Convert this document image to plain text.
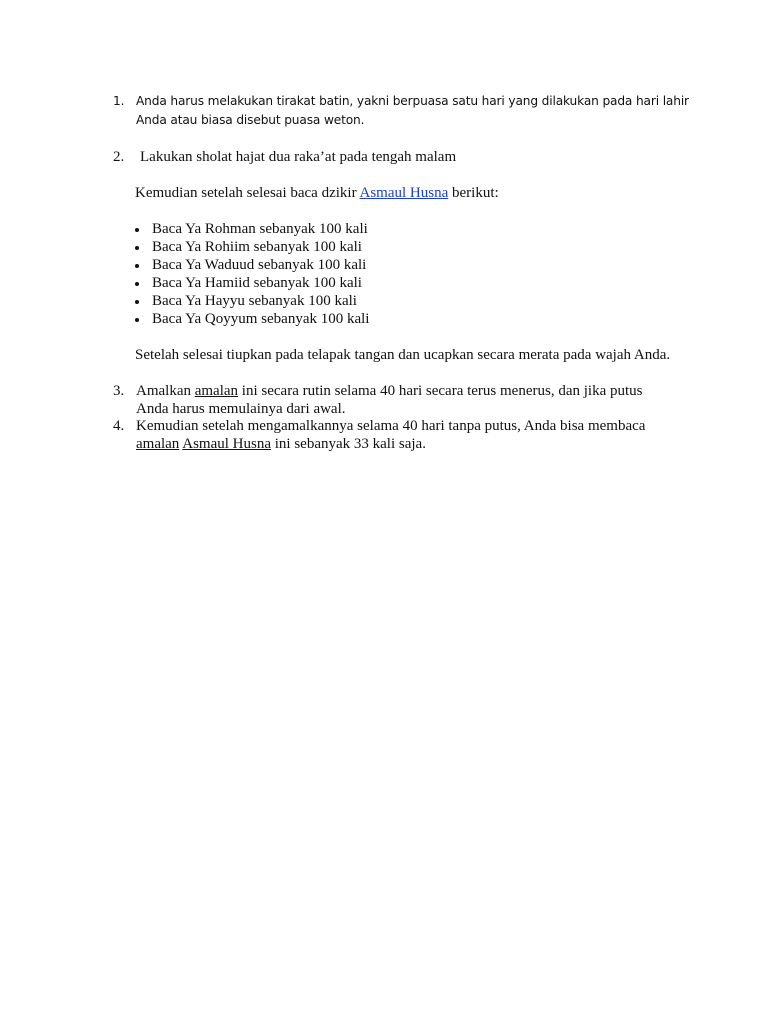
1. Anda harus melakukan tirakat batin, yakni berpuasa satu hari yang dilakukan pada hari lahir
Anda atau biasa disebut puasa weton.
2. Lakukan sholat hajat dua raka’at pada tengah malam
Kemudian setelah selesai baca dzikir Asmaul Husna berikut:
Baca Ya Rohman sebanyak 100 kali
Baca Ya Rohiim sebanyak 100 kali
Baca Ya Waduud sebanyak 100 kali
Baca Ya Hamiid sebanyak 100 kali
Baca Ya Hayyu sebanyak 100 kali
Baca Ya Qoyyum sebanyak 100 kali
Setelah selesai tiupkan pada telapak tangan dan ucapkan secara merata pada wajah Anda.
3. Amalkan amalan ini secara rutin selama 40 hari secara terus menerus, dan jika putus
Anda harus memulainya dari awal.
4. Kemudian setelah mengamalkannya selama 40 hari tanpa putus, Anda bisa membaca
amalan Asmaul Husna ini sebanyak 33 kali saja.
